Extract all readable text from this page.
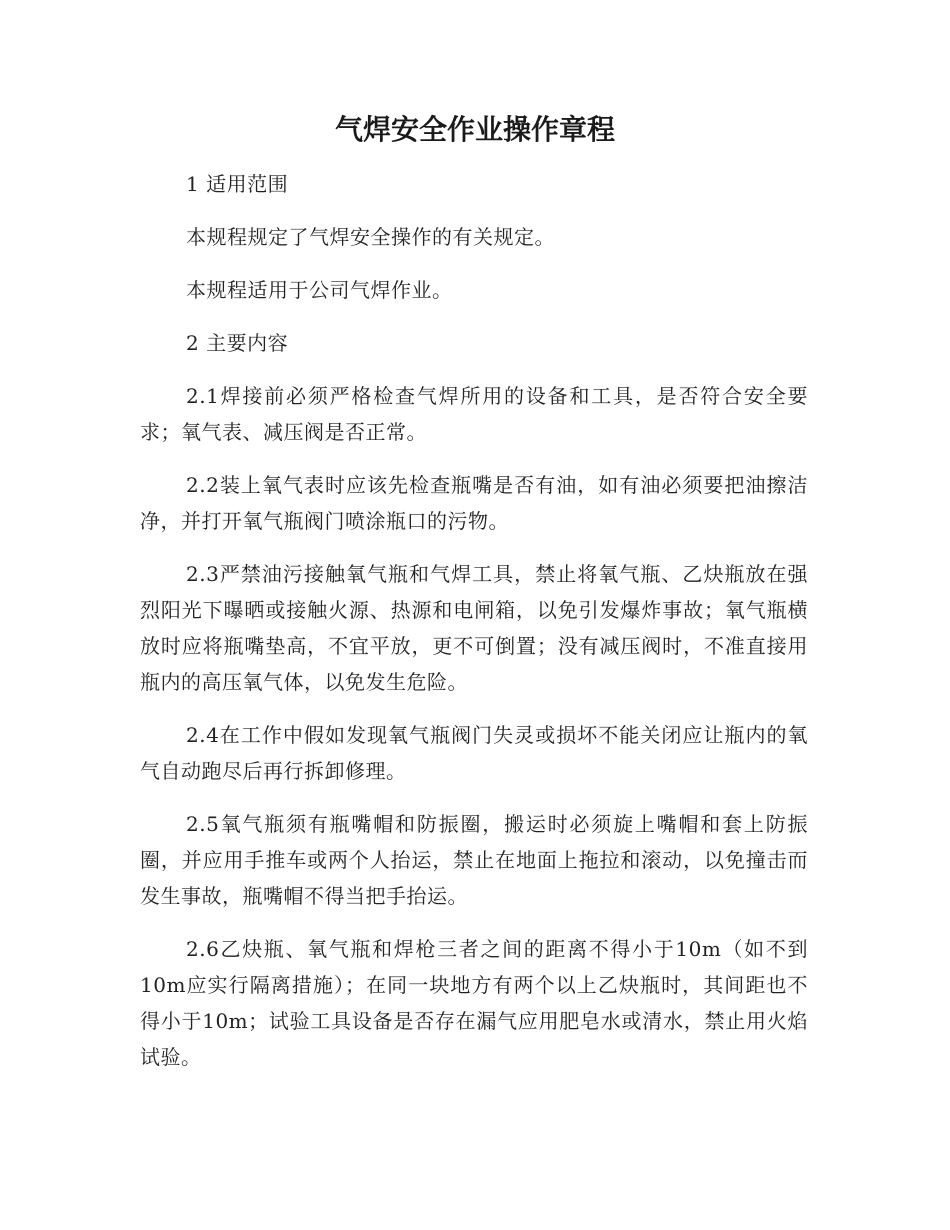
气焊安全作业操作章程

1 适用范围

本规程规定了气焊安全操作的有关规定。

本规程适用于公司气焊作业。

2 主要内容

2.1焊接前必须严格检查气焊所用的设备和工具，是否符合安全要求；氧气表、减压阀是否正常。

2.2装上氧气表时应该先检查瓶嘴是否有油，如有油必须要把油擦洁净，并打开氧气瓶阀门喷涂瓶口的污物。

2.3严禁油污接触氧气瓶和气焊工具，禁止将氧气瓶、乙炔瓶放在强烈阳光下曝晒或接触火源、热源和电闸箱，以免引发爆炸事故；氧气瓶横放时应将瓶嘴垫高，不宜平放，更不可倒置；没有减压阀时，不准直接用瓶内的高压氧气体，以免发生危险。

2.4在工作中假如发现氧气瓶阀门失灵或损坏不能关闭应让瓶内的氧气自动跑尽后再行拆卸修理。

2.5氧气瓶须有瓶嘴帽和防振圈，搬运时必须旋上嘴帽和套上防振圈，并应用手推车或两个人抬运，禁止在地面上拖拉和滚动，以免撞击而发生事故，瓶嘴帽不得当把手抬运。

2.6乙炔瓶、氧气瓶和焊枪三者之间的距离不得小于10m（如不到10m应实行隔离措施）；在同一块地方有两个以上乙炔瓶时，其间距也不得小于10m；试验工具设备是否存在漏气应用肥皂水或清水，禁止用火焰试验。
